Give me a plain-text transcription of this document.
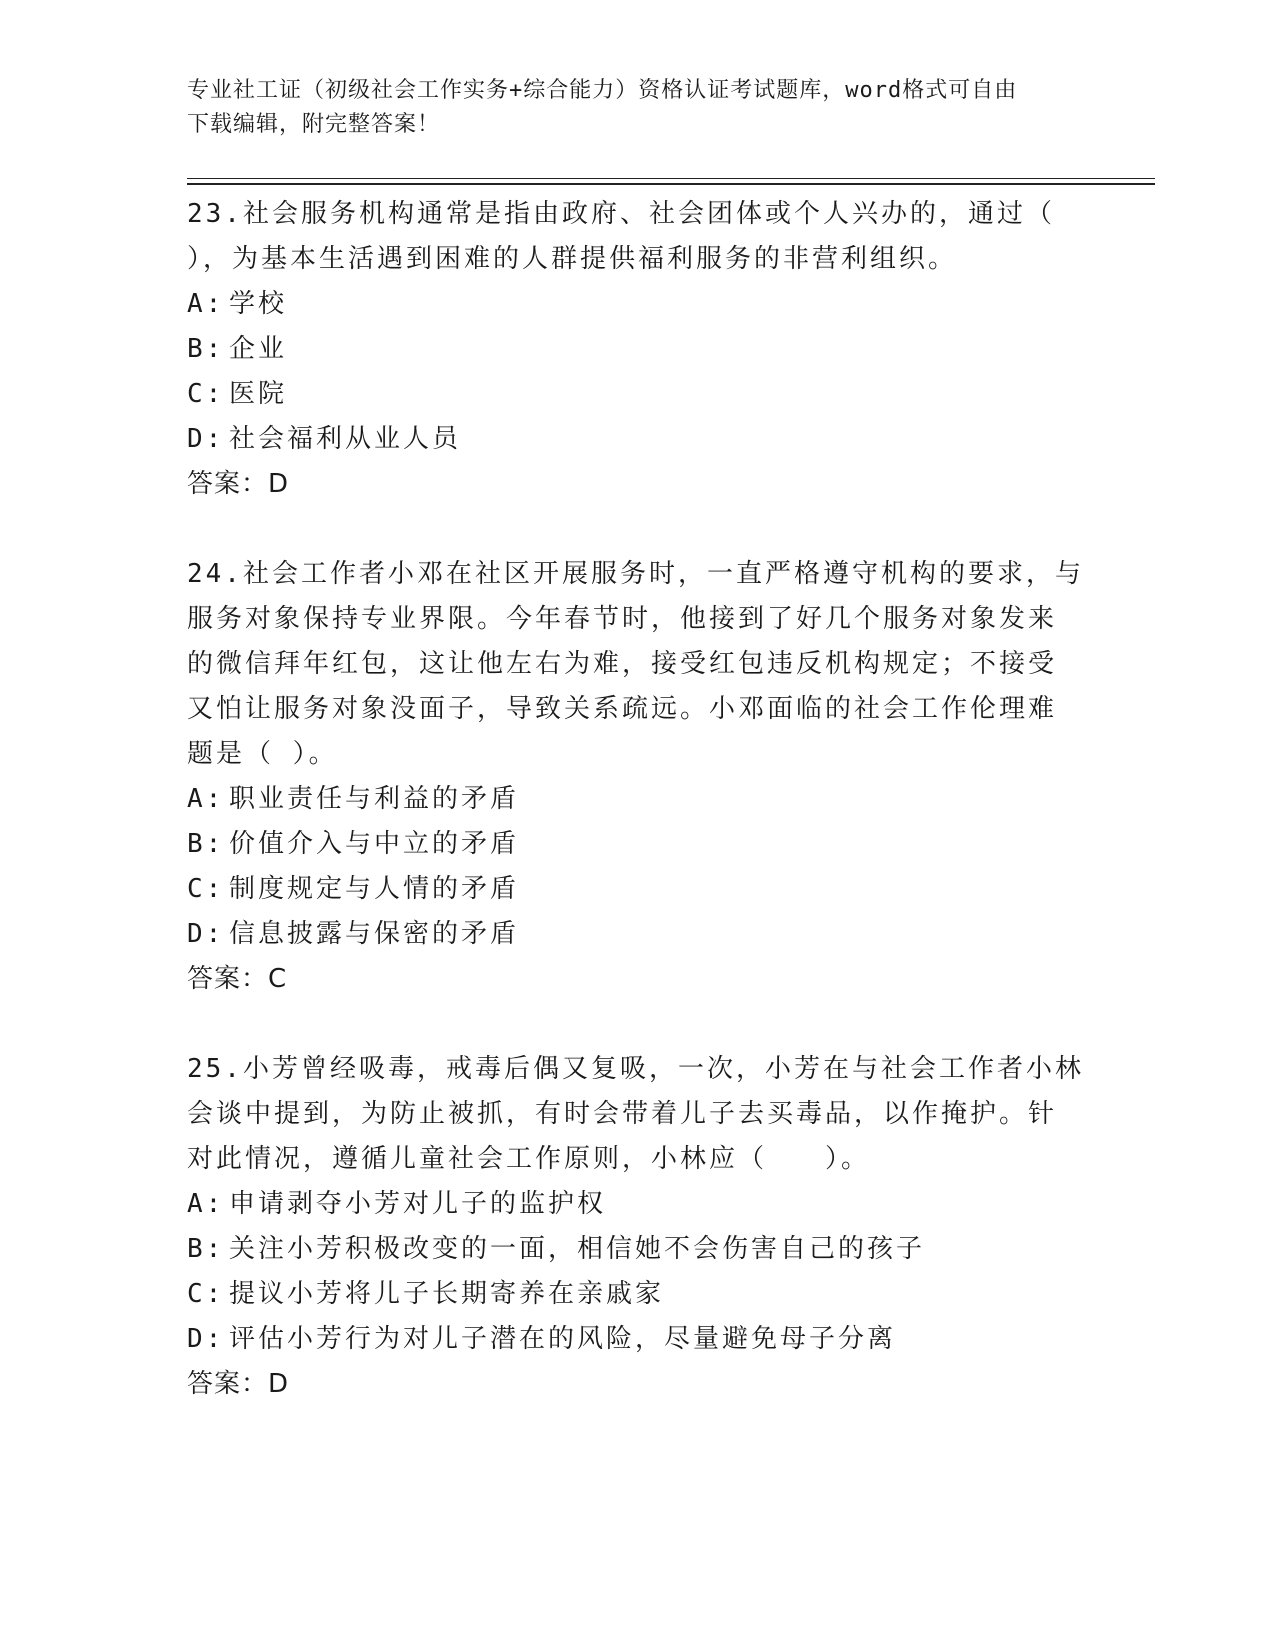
专业社工证（初级社会工作实务+综合能力）资格认证考试题库，word格式可自由
下载编辑，附完整答案！

23.社会服务机构通常是指由政府、社会团体或个人兴办的，通过（

），为基本生活遇到困难的人群提供福利服务的非营利组织。

A: 学校

B: 企业

C: 医院

D: 社会福利从业人员

答案：D

24.社会工作者小邓在社区开展服务时，一直严格遵守机构的要求，与

服务对象保持专业界限。今年春节时，他接到了好几个服务对象发来

的微信拜年红包，这让他左右为难，接受红包违反机构规定；不接受

又怕让服务对象没面子，导致关系疏远。小邓面临的社会工作伦理难

题是（ ）。

A: 职业责任与利益的矛盾

B: 价值介入与中立的矛盾

C: 制度规定与人情的矛盾

D: 信息披露与保密的矛盾

答案：C

25.小芳曾经吸毒，戒毒后偶又复吸，一次，小芳在与社会工作者小林

会谈中提到，为防止被抓，有时会带着儿子去买毒品，以作掩护。针

对此情况，遵循儿童社会工作原则，小林应（　　）。

A: 申请剥夺小芳对儿子的监护权

B: 关注小芳积极改变的一面，相信她不会伤害自己的孩子

C: 提议小芳将儿子长期寄养在亲戚家

D: 评估小芳行为对儿子潜在的风险，尽量避免母子分离

答案：D
